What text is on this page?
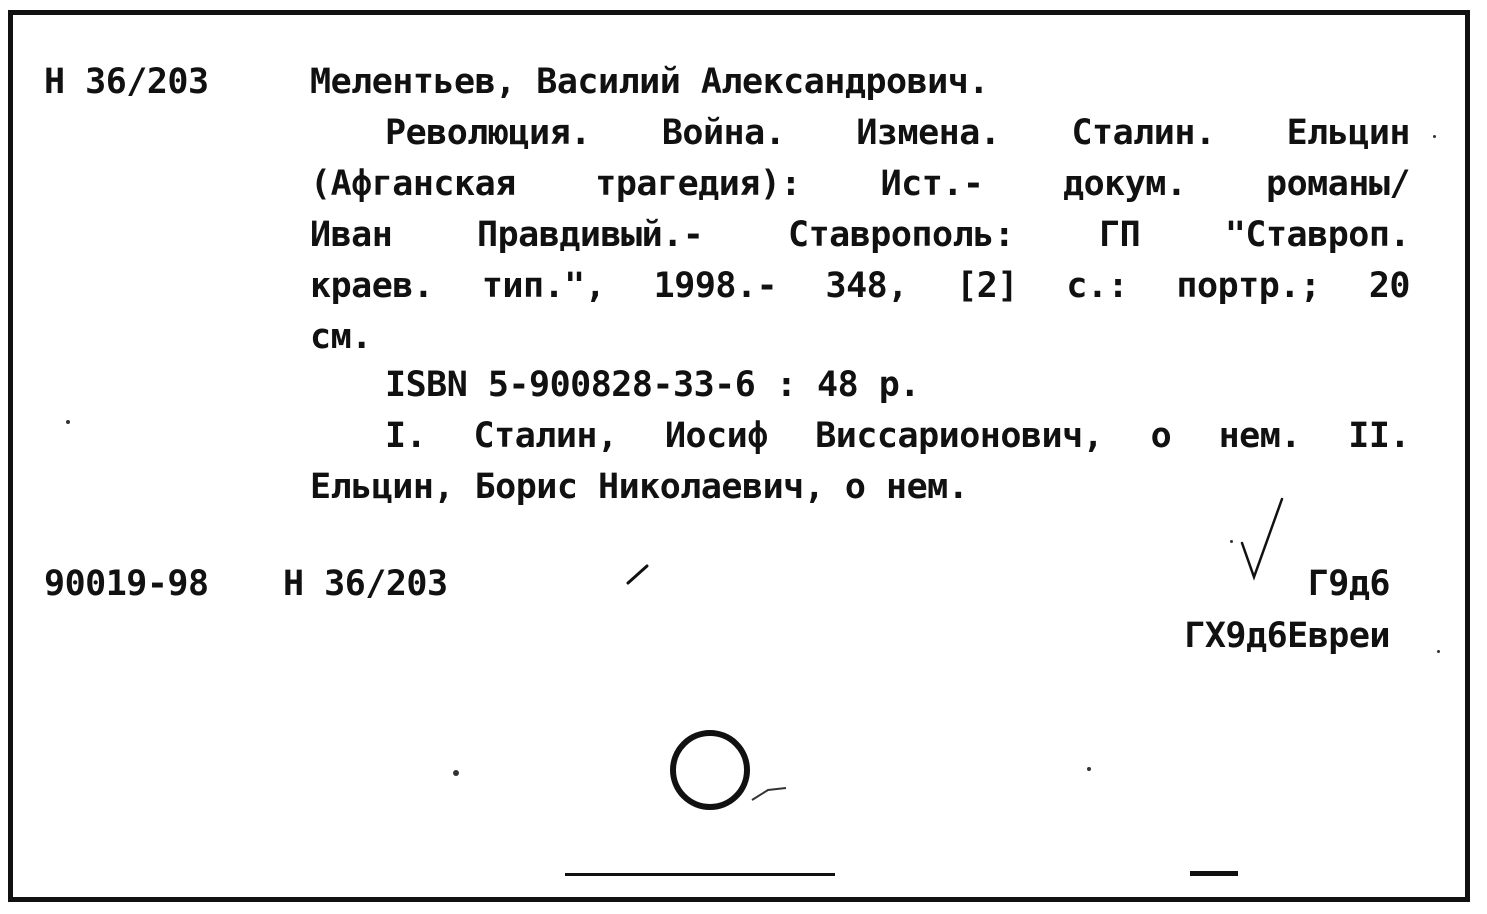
Н 36/203	Мелентьев, Василий Александрович.
Революция. Война. Измена. Сталин. Ельцин
(Афганская трагедия): Ист.- докум. романы/
Иван Правдивый.- Ставрополь: ГП "Ставроп.
краев. тип.", 1998.- 348, [2] с.: портр.; 20
см.
ISBN 5-900828-33-6 : 48 р.
I. Сталин, Иосиф Виссарионович, о нем. II.
Ельцин, Борис Николаевич, о нем.
90019-98 Н 36/203	Г9д6
ГХ9д6Евреи
